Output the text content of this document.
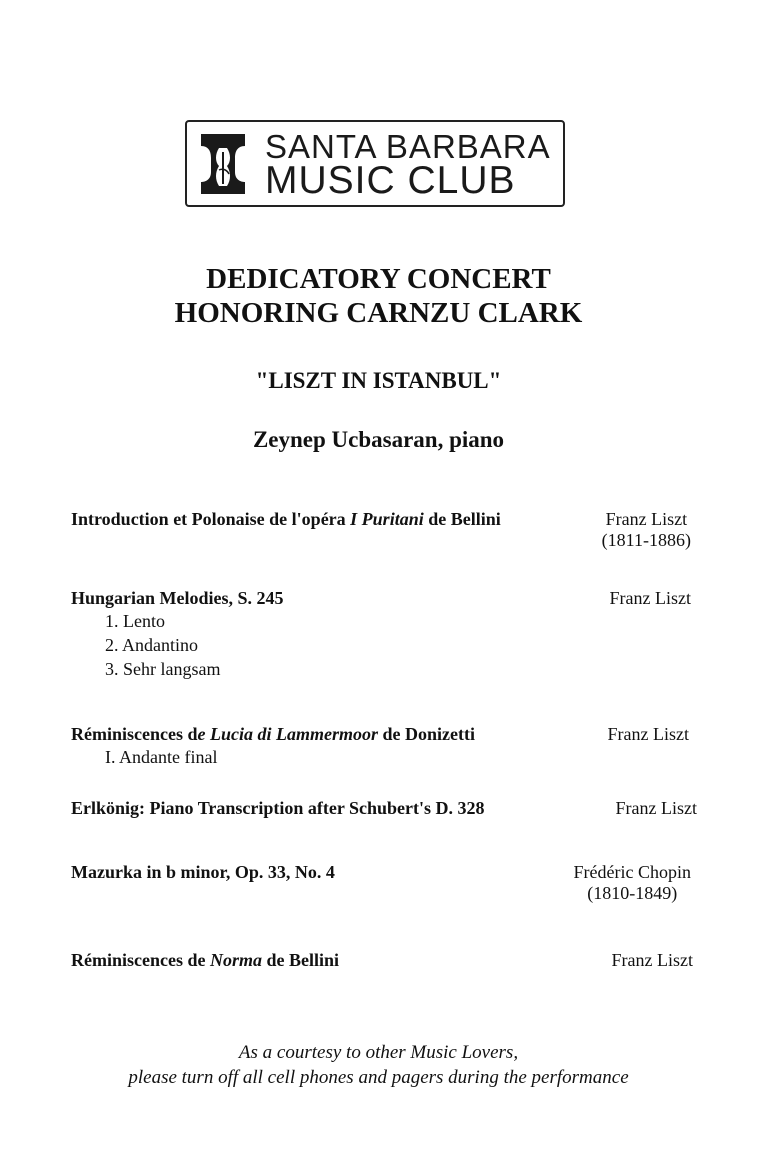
SANTA BARBARA
MUSIC CLUB
DEDICATORY CONCERT
HONORING CARNZU CLARK
"LISZT IN ISTANBUL"
Zeynep Ucbasaran, piano
Introduction et Polonaise de l'opéra I Puritani de Bellini	Franz Liszt
(1811-1886)
Hungarian Melodies, S. 245	Franz Liszt
1. Lento
2. Andantino
3. Sehr langsam
Réminiscences de Lucia di Lammermoor de Donizetti	Franz Liszt
I. Andante final
Erlkönig: Piano Transcription after Schubert's D. 328	Franz Liszt
Mazurka in b minor, Op. 33, No. 4	Frédéric Chopin
(1810-1849)
Réminiscences de Norma de Bellini	Franz Liszt
As a courtesy to other Music Lovers,
please turn off all cell phones and pagers during the performance
